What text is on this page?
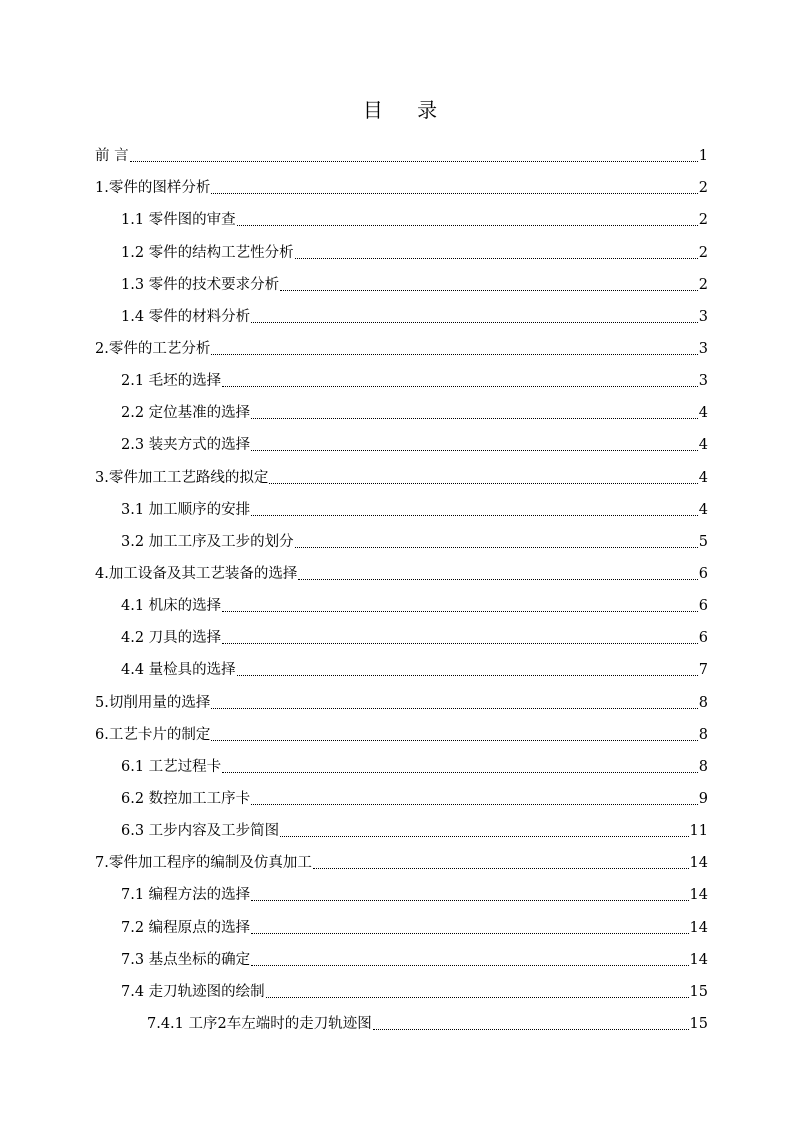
目 录
前 言	1
1.零件的图样分析	2
1.1 零件图的审查	2
1.2 零件的结构工艺性分析	2
1.3 零件的技术要求分析	2
1.4 零件的材料分析	3
2.零件的工艺分析	3
2.1 毛坯的选择	3
2.2 定位基准的选择	4
2.3 装夹方式的选择	4
3.零件加工工艺路线的拟定	4
3.1 加工顺序的安排	4
3.2 加工工序及工步的划分	5
4.加工设备及其工艺装备的选择	6
4.1 机床的选择	6
4.2 刀具的选择	6
4.4 量检具的选择	7
5.切削用量的选择	8
6.工艺卡片的制定	8
6.1 工艺过程卡	8
6.2 数控加工工序卡	9
6.3 工步内容及工步简图	11
7.零件加工程序的编制及仿真加工	14
7.1 编程方法的选择	14
7.2 编程原点的选择	14
7.3 基点坐标的确定	14
7.4 走刀轨迹图的绘制	15
7.4.1 工序2车左端时的走刀轨迹图	15
